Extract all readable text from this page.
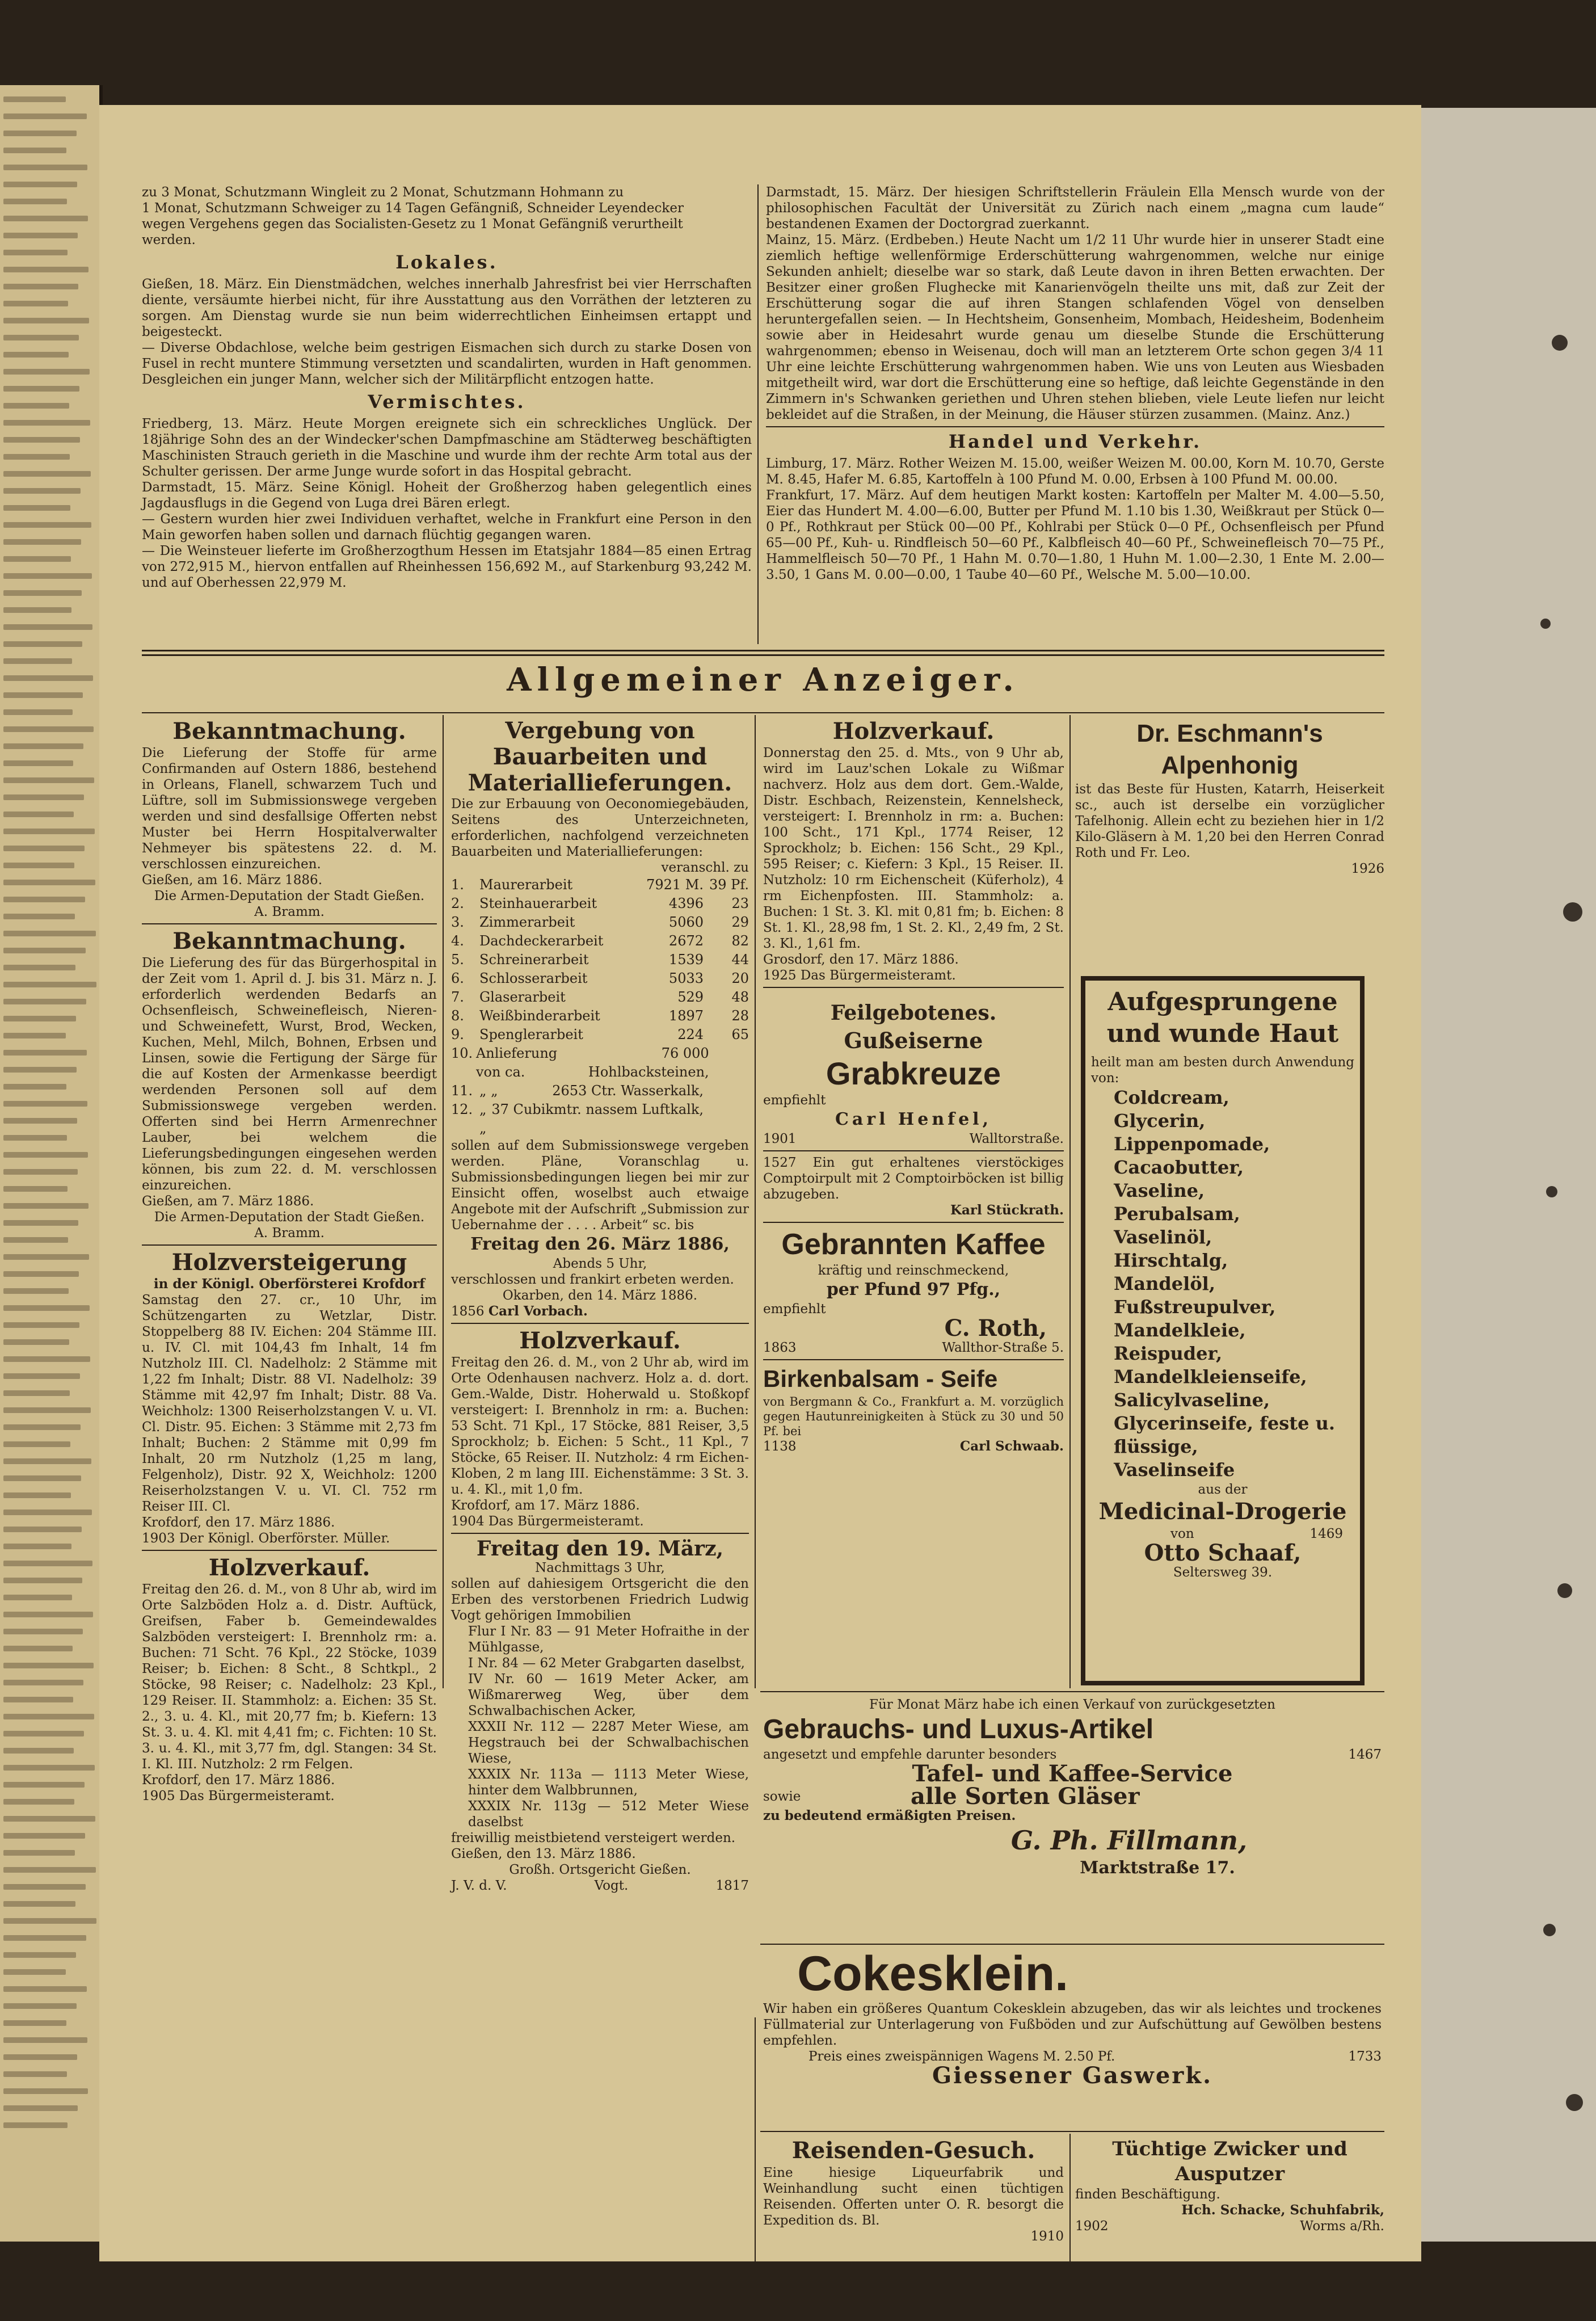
zu 3 Monat, Schutzmann Wingleit zu 2 Monat, Schutzmann Hohmann zu
1 Monat, Schutzmann Schweiger zu 14 Tagen Gefängniß, Schneider Leyendecker
wegen Vergehens gegen das Socialisten-Gesetz zu 1 Monat Gefängniß verurtheilt
werden.

Lokales.

Gießen, 18. März. Ein Dienstmädchen, welches innerhalb Jahresfrist bei vier Herrschaften diente, versäumte hierbei nicht, für ihre Ausstattung aus den Vorräthen der letzteren zu sorgen. Am Dienstag wurde sie nun beim widerrechtlichen Einheimsen ertappt und beigesteckt.

— Diverse Obdachlose, welche beim gestrigen Eismachen sich durch zu starke Dosen von Fusel in recht muntere Stimmung versetzten und scandalirten, wurden in Haft genommen. Desgleichen ein junger Mann, welcher sich der Militärpflicht entzogen hatte.

Vermischtes.

Friedberg, 13. März. Heute Morgen ereignete sich ein schreckliches Unglück. Der 18jährige Sohn des an der Windecker'schen Dampfmaschine am Städterweg beschäftigten Maschinisten Strauch gerieth in die Maschine und wurde ihm der rechte Arm total aus der Schulter gerissen. Der arme Junge wurde sofort in das Hospital gebracht.

Darmstadt, 15. März. Seine Königl. Hoheit der Großherzog haben gelegentlich eines Jagdausflugs in die Gegend von Luga drei Bären erlegt.

— Gestern wurden hier zwei Individuen verhaftet, welche in Frankfurt eine Person in den Main geworfen haben sollen und darnach flüchtig gegangen waren.

— Die Weinsteuer lieferte im Großherzogthum Hessen im Etatsjahr 1884—85 einen Ertrag von 272,915 M., hiervon entfallen auf Rheinhessen 156,692 M., auf Starkenburg 93,242 M. und auf Oberhessen 22,979 M.

Darmstadt, 15. März. Der hiesigen Schriftstellerin Fräulein Ella Mensch wurde von der philosophischen Facultät der Universität zu Zürich nach einem „magna cum laude“ bestandenen Examen der Doctorgrad zuerkannt.

Mainz, 15. März. (Erdbeben.) Heute Nacht um 1/2 11 Uhr wurde hier in unserer Stadt eine ziemlich heftige wellenförmige Erderschütterung wahrgenommen, welche nur einige Sekunden anhielt; dieselbe war so stark, daß Leute davon in ihren Betten erwachten. Der Besitzer einer großen Flughecke mit Kanarienvögeln theilte uns mit, daß zur Zeit der Erschütterung sogar die auf ihren Stangen schlafenden Vögel von denselben heruntergefallen seien. — In Hechtsheim, Gonsenheim, Mombach, Heidesheim, Bodenheim sowie aber in Heidesahrt wurde genau um dieselbe Stunde die Erschütterung wahrgenommen; ebenso in Weisenau, doch will man an letzterem Orte schon gegen 3/4 11 Uhr eine leichte Erschütterung wahrgenommen haben. Wie uns von Leuten aus Wiesbaden mitgetheilt wird, war dort die Erschütterung eine so heftige, daß leichte Gegenstände in den Zimmern in's Schwanken geriethen und Uhren stehen blieben, viele Leute liefen nur leicht bekleidet auf die Straßen, in der Meinung, die Häuser stürzen zusammen. (Mainz. Anz.)

Handel und Verkehr.

Limburg, 17. März. Rother Weizen M. 15.00, weißer Weizen M. 00.00, Korn M. 10.70, Gerste M. 8.45, Hafer M. 6.85, Kartoffeln à 100 Pfund M. 0.00, Erbsen à 100 Pfund M. 00.00.

Frankfurt, 17. März. Auf dem heutigen Markt kosten: Kartoffeln per Malter M. 4.00—5.50, Eier das Hundert M. 4.00—6.00, Butter per Pfund M. 1.10 bis 1.30, Weißkraut per Stück 0—0 Pf., Rothkraut per Stück 00—00 Pf., Kohlrabi per Stück 0—0 Pf., Ochsenfleisch per Pfund 65—00 Pf., Kuh- u. Rindfleisch 50—60 Pf., Kalbfleisch 40—60 Pf., Schweinefleisch 70—75 Pf., Hammelfleisch 50—70 Pf., 1 Hahn M. 0.70—1.80, 1 Huhn M. 1.00—2.30, 1 Ente M. 2.00—3.50, 1 Gans M. 0.00—0.00, 1 Taube 40—60 Pf., Welsche M. 5.00—10.00.

Allgemeiner Anzeiger.
Bekanntmachung.

Die Lieferung der Stoffe für arme Confirmanden auf Ostern 1886, bestehend in Orleans, Flanell, schwarzem Tuch und Lüftre, soll im Submissionswege vergeben werden und sind desfallsige Offerten nebst Muster bei Herrn Hospitalverwalter Nehmeyer bis spätestens 22. d. M. verschlossen einzureichen.

Gießen, am 16. März 1886.

Die Armen-Deputation der Stadt Gießen.

A. Bramm.

Bekanntmachung.

Die Lieferung des für das Bürgerhospital in der Zeit vom 1. April d. J. bis 31. März n. J. erforderlich werdenden Bedarfs an Ochsenfleisch, Schweinefleisch, Nieren- und Schweinefett, Wurst, Brod, Wecken, Kuchen, Mehl, Milch, Bohnen, Erbsen und Linsen, sowie die Fertigung der Särge für die auf Kosten der Armenkasse beerdigt werdenden Personen soll auf dem Submissionswege vergeben werden. Offerten sind bei Herrn Armenrechner Lauber, bei welchem die Lieferungsbedingungen eingesehen werden können, bis zum 22. d. M. verschlossen einzureichen.

Gießen, am 7. März 1886.

Die Armen-Deputation der Stadt Gießen.

A. Bramm.

Holzversteigerung

in der Königl. Oberförsterei Krofdorf

Samstag den 27. cr., 10 Uhr, im Schützengarten zu Wetzlar, Distr. Stoppelberg 88 IV. Eichen: 204 Stämme III. u. IV. Cl. mit 104,43 fm Inhalt, 14 fm Nutzholz III. Cl. Nadelholz: 2 Stämme mit 1,22 fm Inhalt; Distr. 88 VI. Nadelholz: 39 Stämme mit 42,97 fm Inhalt; Distr. 88 Va. Weichholz: 1300 Reiserholzstangen V. u. VI. Cl. Distr. 95. Eichen: 3 Stämme mit 2,73 fm Inhalt; Buchen: 2 Stämme mit 0,99 fm Inhalt, 20 rm Nutzholz (1,25 m lang, Felgenholz), Distr. 92 X, Weichholz: 1200 Reiserholzstangen V. u. VI. Cl. 752 rm Reiser III. Cl.

Krofdorf, den 17. März 1886.

1903 Der Königl. Oberförster. Müller.

Holzverkauf.

Freitag den 26. d. M., von 8 Uhr ab, wird im Orte Salzböden Holz a. d. Distr. Auftück, Greifsen, Faber b. Gemeindewaldes Salzböden versteigert: I. Brennholz rm: a. Buchen: 71 Scht. 76 Kpl., 22 Stöcke, 1039 Reiser; b. Eichen: 8 Scht., 8 Schtkpl., 2 Stöcke, 98 Reiser; c. Nadelholz: 23 Kpl., 129 Reiser. II. Stammholz: a. Eichen: 35 St. 2., 3. u. 4. Kl., mit 20,77 fm; b. Kiefern: 13 St. 3. u. 4. Kl. mit 4,41 fm; c. Fichten: 10 St. 3. u. 4. Kl., mit 3,77 fm, dgl. Stangen: 34 St. I. Kl. III. Nutzholz: 2 rm Felgen.

Krofdorf, den 17. März 1886.

1905 Das Bürgermeisteramt.

Vergebung von Bauarbeiten und Materiallieferungen.

Die zur Erbauung von Oeconomiegebäuden, Seitens des Unterzeichneten, erforderlichen, nachfolgend verzeichneten Bauarbeiten und Materiallieferungen:

veranschl. zu

1.	Maurerarbeit	7921 M. 39 Pf.
2.	Steinhauerarbeit	4396	23
3.	Zimmerarbeit	5060	29
4.	Dachdeckerarbeit	2672	82
5.	Schreinerarbeit	1539	44
6.	Schlosserarbeit	5033	20
7.	Glaserarbeit	529	48
8.	Weißbinderarbeit	1897	28
9.	Spenglerarbeit	224	65
10. Anlieferung von ca.
76 000 Hohlbacksteinen,
11. „ „	2653 Ctr. Wasserkalk,
12. „ „
37 Cubikmtr. nassem Luftkalk,

sollen auf dem Submissionswege vergeben werden. Pläne, Voranschlag u. Submissionsbedingungen liegen bei mir zur Einsicht offen, woselbst auch etwaige Angebote mit der Aufschrift „Submission zur Uebernahme der . . . . Arbeit“ sc. bis

Freitag den 26. März 1886,

Abends 5 Uhr,

verschlossen und frankirt erbeten werden.

Okarben, den 14. März 1886.

1856 Carl Vorbach.

Holzverkauf.

Freitag den 26. d. M., von 2 Uhr ab, wird im Orte Odenhausen nachverz. Holz a. d. dort. Gem.-Walde, Distr. Hoherwald u. Stoßkopf versteigert: I. Brennholz in rm: a. Buchen: 53 Scht. 71 Kpl., 17 Stöcke, 881 Reiser, 3,5 Sprockholz; b. Eichen: 5 Scht., 11 Kpl., 7 Stöcke, 65 Reiser. II. Nutzholz: 4 rm Eichen-Kloben, 2 m lang III. Eichenstämme: 3 St. 3. u. 4. Kl., mit 1,0 fm.

Krofdorf, am 17. März 1886.

1904 Das Bürgermeisteramt.

Freitag den 19. März,

Nachmittags 3 Uhr,

sollen auf dahiesigem Ortsgericht die den Erben des verstorbenen Friedrich Ludwig Vogt gehörigen Immobilien

Flur I Nr. 83 — 91 Meter Hofraithe in der Mühlgasse,

I Nr. 84 — 62 Meter Grabgarten daselbst,

IV Nr. 60 — 1619 Meter Acker, am Wißmarerweg Weg, über dem Schwalbachischen Acker,

XXXII Nr. 112 — 2287 Meter Wiese, am Hegstrauch bei der Schwalbachischen Wiese,

XXXIX Nr. 113a — 1113 Meter Wiese, hinter dem Walbbrunnen,

XXXIX Nr. 113g — 512 Meter Wiese daselbst

freiwillig meistbietend versteigert werden.

Gießen, den 13. März 1886.

Großh. Ortsgericht Gießen.

J. V. d. V.	Vogt.	1817

Holzverkauf.

Donnerstag den 25. d. Mts., von 9 Uhr ab, wird im Lauz'schen Lokale zu Wißmar nachverz. Holz aus dem dort. Gem.-Walde, Distr. Eschbach, Reizenstein, Kennelsheck, versteigert: I. Brennholz in rm: a. Buchen: 100 Scht., 171 Kpl., 1774 Reiser, 12 Sprockholz; b. Eichen: 156 Scht., 29 Kpl., 595 Reiser; c. Kiefern: 3 Kpl., 15 Reiser. II. Nutzholz: 10 rm Eichenscheit (Küferholz), 4 rm Eichenpfosten. III. Stammholz: a. Buchen: 1 St. 3. Kl. mit 0,81 fm; b. Eichen: 8 St. 1. Kl., 28,98 fm, 1 St. 2. Kl., 2,49 fm, 2 St. 3. Kl., 1,61 fm.

Grosdorf, den 17. März 1886.

1925 Das Bürgermeisteramt.

Feilgebotenes.
Gußeiserne
Grabkreuze

empfiehlt

Carl Henfel,

1901	Walltorstraße.

1527 Ein gut erhaltenes vierstöckiges Comptoirpult mit 2 Comptoirböcken ist billig abzugeben.

Karl Stückrath.

Gebrannten Kaffee

kräftig und reinschmeckend,

per Pfund 97 Pfg.,

empfiehlt

C. Roth,

1863	Wallthor-Straße 5.

Birkenbalsam - Seife

von Bergmann & Co., Frankfurt a. M. vorzüglich gegen Hautunreinigkeiten à Stück zu 30 und 50 Pf. bei

1138	Carl Schwaab.

Dr. Eschmann's Alpenhonig

ist das Beste für Husten, Katarrh, Heiserkeit sc., auch ist derselbe ein vorzüglicher Tafelhonig. Allein echt zu beziehen hier in 1/2 Kilo-Gläsern à M. 1,20 bei den Herren Conrad Roth und Fr. Leo.

1926

Aufgesprungene und wunde Haut

heilt man am besten durch Anwendung von:

Coldcream,
Glycerin,
Lippenpomade,
Cacaobutter,
Vaseline,
Perubalsam,
Vaselinöl,
Hirschtalg,
Mandelöl,
Fußstreupulver,
Mandelkleie,
Reispuder,
Mandelkleienseife,
Salicylvaseline,
Glycerinseife, feste u. flüssige,
Vaselinseife

aus der

Medicinal-Drogerie

von	1469

Otto Schaaf,

Seltersweg 39.

Für Monat März habe ich einen Verkauf von zurückgesetzten

Gebrauchs- und Luxus-Artikel

angesetzt und empfehle darunter besonders	1467

Tafel- und Kaffee-Service
sowie	alle Sorten Gläser

zu bedeutend ermäßigten Preisen.

G. Ph. Fillmann,
Marktstraße 17.
Cokesklein.

Wir haben ein größeres Quantum Cokesklein abzugeben, das wir als leichtes und trockenes Füllmaterial zur Unterlagerung von Fußböden und zur Aufschüttung auf Gewölben bestens empfehlen.

Preis eines zweispännigen Wagens M. 2.50 Pf.	1733

Giessener Gaswerk.
Reisenden-Gesuch.

Eine hiesige Liqueurfabrik und Weinhandlung sucht einen tüchtigen Reisenden. Offerten unter O. R. besorgt die Expedition ds. Bl.

1910

Tüchtige Zwicker und Ausputzer

finden Beschäftigung.

Hch. Schacke, Schuhfabrik,

1902	Worms a/Rh.
